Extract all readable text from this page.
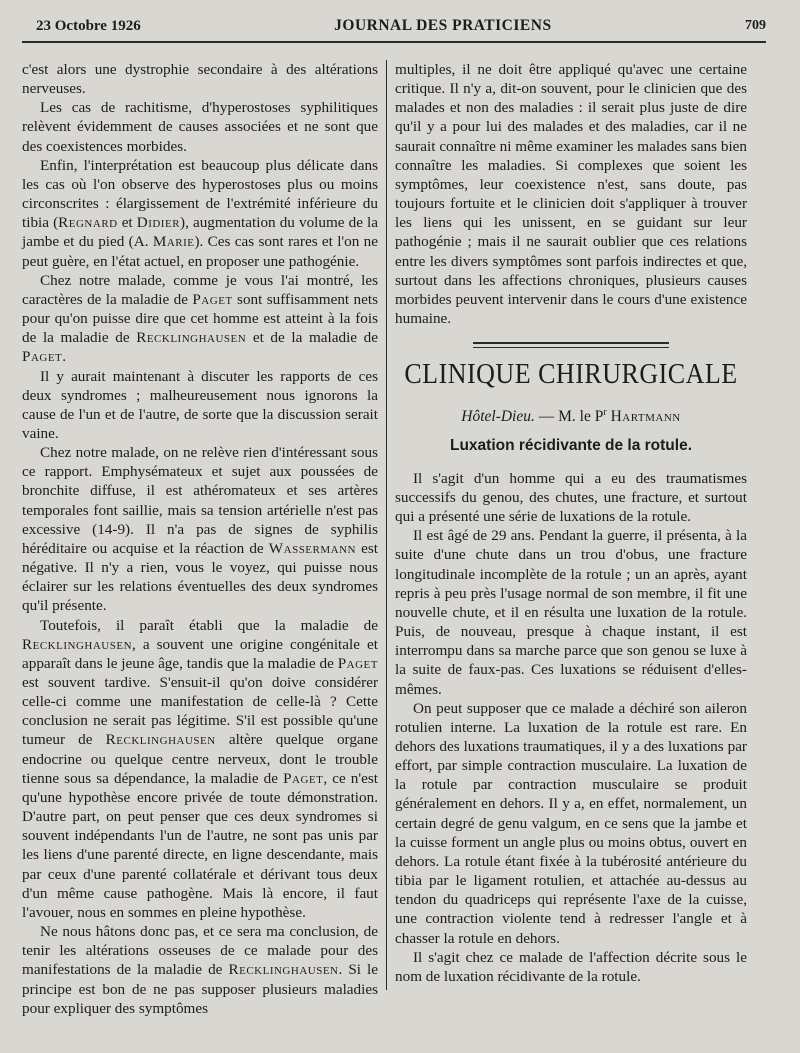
23 Octobre 1926	JOURNAL DES PRATICIENS	709

c'est alors une dystrophie secondaire à des altérations nerveuses.

Les cas de rachitisme, d'hyperostoses syphilitiques relèvent évidemment de causes associées et ne sont que des coexistences morbides.

Enfin, l'interprétation est beaucoup plus délicate dans les cas où l'on observe des hyperostoses plus ou moins circonscrites : élargissement de l'extrémité inférieure du tibia (Regnard et Didier), augmentation du volume de la jambe et du pied (A. Marie). Ces cas sont rares et l'on ne peut guère, en l'état actuel, en proposer une pathogénie.

Chez notre malade, comme je vous l'ai montré, les caractères de la maladie de Paget sont suffisamment nets pour qu'on puisse dire que cet homme est atteint à la fois de la maladie de Recklinghausen et de la maladie de Paget.

Il y aurait maintenant à discuter les rapports de ces deux syndromes ; malheureusement nous ignorons la cause de l'un et de l'autre, de sorte que la discussion serait vaine.

Chez notre malade, on ne relève rien d'intéressant sous ce rapport. Emphysémateux et sujet aux poussées de bronchite diffuse, il est athéromateux et ses artères temporales font saillie, mais sa tension artérielle n'est pas excessive (14-9). Il n'a pas de signes de syphilis héréditaire ou acquise et la réaction de Wassermann est négative. Il n'y a rien, vous le voyez, qui puisse nous éclairer sur les relations éventuelles des deux syndromes qu'il présente.

Toutefois, il paraît établi que la maladie de Recklinghausen, a souvent une origine congénitale et apparaît dans le jeune âge, tandis que la maladie de Paget est souvent tardive. S'ensuit-il qu'on doive considérer celle-ci comme une manifestation de celle-là ? Cette conclusion ne serait pas légitime. S'il est possible qu'une tumeur de Recklinghausen altère quelque organe endocrine ou quelque centre nerveux, dont le trouble tienne sous sa dépendance, la maladie de Paget, ce n'est qu'une hypothèse encore privée de toute démonstration. D'autre part, on peut penser que ces deux syndromes si souvent indépendants l'un de l'autre, ne sont pas unis par les liens d'une parenté directe, en ligne descendante, mais par ceux d'une parenté collatérale et dérivant tous deux d'un même cause pathogène. Mais là encore, il faut l'avouer, nous en sommes en pleine hypothèse.

Ne nous hâtons donc pas, et ce sera ma conclusion, de tenir les altérations osseuses de ce malade pour des manifestations de la maladie de Recklinghausen. Si le principe est bon de ne pas supposer plusieurs maladies pour expliquer des symptômes

multiples, il ne doit être appliqué qu'avec une certaine critique. Il n'y a, dit-on souvent, pour le clinicien que des malades et non des maladies : il serait plus juste de dire qu'il y a pour lui des malades et des maladies, car il ne saurait connaître ni même examiner les malades sans bien connaître les maladies. Si complexes que soient les symptômes, leur coexistence n'est, sans doute, pas toujours fortuite et le clinicien doit s'appliquer à trouver les liens qui les unissent, en se guidant sur leur pathogénie ; mais il ne saurait oublier que ces relations entre les divers symptômes sont parfois indirectes et que, surtout dans les affections chroniques, plusieurs causes morbides peuvent intervenir dans le cours d'une existence humaine.

CLINIQUE CHIRURGICALE
Hôtel-Dieu. — M. le $P^r$ Hartmann
Luxation récidivante de la rotule.

Il s'agit d'un homme qui a eu des traumatismes successifs du genou, des chutes, une fracture, et surtout qui a présenté une série de luxations de la rotule.

Il est âgé de 29 ans. Pendant la guerre, il présenta, à la suite d'une chute dans un trou d'obus, une fracture longitudinale incomplète de la rotule ; un an après, ayant repris à peu près l'usage normal de son membre, il fit une nouvelle chute, et il en résulta une luxation de la rotule. Puis, de nouveau, presque à chaque instant, il est interrompu dans sa marche parce que son genou se luxe à la suite de faux-pas. Ces luxations se réduisent d'elles-mêmes.

On peut supposer que ce malade a déchiré son aileron rotulien interne. La luxation de la rotule est rare. En dehors des luxations traumatiques, il y a des luxations par effort, par simple contraction musculaire. La luxation de la rotule par contraction musculaire se produit généralement en dehors. Il y a, en effet, normalement, un certain degré de genu valgum, en ce sens que la jambe et la cuisse forment un angle plus ou moins obtus, ouvert en dehors. La rotule étant fixée à la tubérosité antérieure du tibia par le ligament rotulien, et attachée au-dessus au tendon du quadriceps qui représente l'axe de la cuisse, une contraction violente tend à redresser l'angle et à chasser la rotule en dehors.

Il s'agit chez ce malade de l'affection décrite sous le nom de luxation récidivante de la rotule.
